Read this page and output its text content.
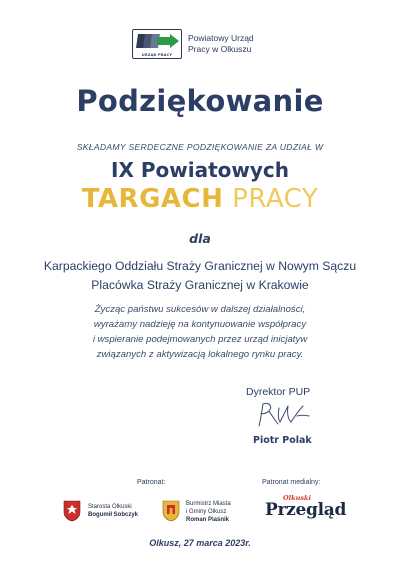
URZĄD PRACY
Powiatowy Urząd
Pracy w Olkuszu
Podziękowanie
SKŁADAMY SERDECZNE PODZIĘKOWANIE ZA UDZIAŁ W
IX Powiatowych
TARGACH PRACY
dla
Karpackiego Oddziału Straży Granicznej w Nowym Sączu
Placówka Straży Granicznej w Krakowie
Życząc państwu sukcesów w dalszej działalności,
wyrażamy nadzieję na kontynuowanie współpracy
i wspieranie podejmowanych przez urząd inicjatyw
związanych z aktywizacją lokalnego rynku pracy.
Dyrektor PUP
Piotr Polak
Patronat:	Patronat medialny:
Starosta Olkuski
Bogumił Sobczyk
Burmistrz Miasta
i Gminy Olkusz
Roman Piaśnik
Olkuski
Przegląd
Olkusz, 27 marca 2023r.
